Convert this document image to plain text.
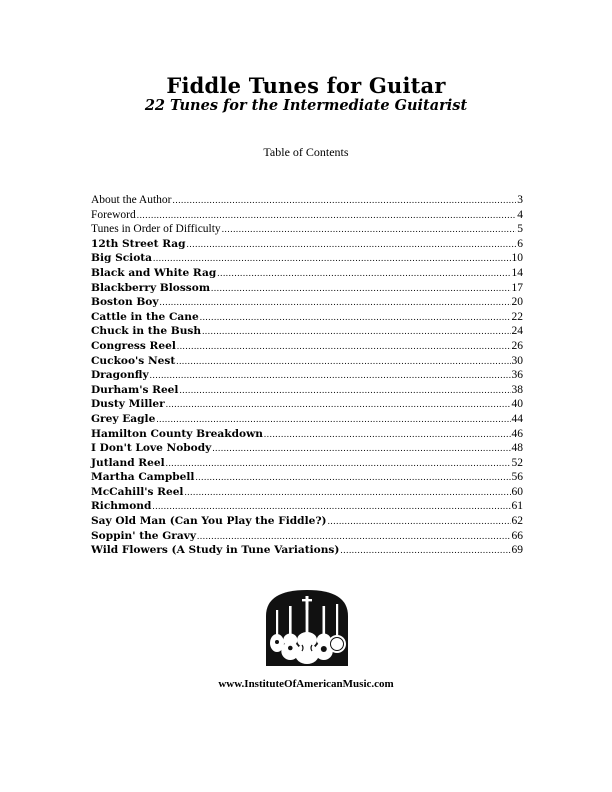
Fiddle Tunes for Guitar
22 Tunes for the Intermediate Guitarist
Table of Contents
About the Author .....	3
Foreword .....	4
Tunes in Order of Difficulty .....	5
12th Street Rag .....	6
Big Sciota .....	10
Black and White Rag .....	14
Blackberry Blossom .....	17
Boston Boy .....	20
Cattle in the Cane .....	22
Chuck in the Bush .....	24
Congress Reel .....	26
Cuckoo's Nest .....	30
Dragonfly .....	36
Durham's Reel .....	38
Dusty Miller .....	40
Grey Eagle .....	44
Hamilton County Breakdown .....	46
I Don't Love Nobody .....	48
Jutland Reel .....	52
Martha Campbell .....	56
McCahill's Reel .....	60
Richmond .....	61
Say Old Man (Can You Play the Fiddle?) .....	62
Soppin' the Gravy .....	66
Wild Flowers (A Study in Tune Variations) .....	69
www.InstituteOfAmericanMusic.com
